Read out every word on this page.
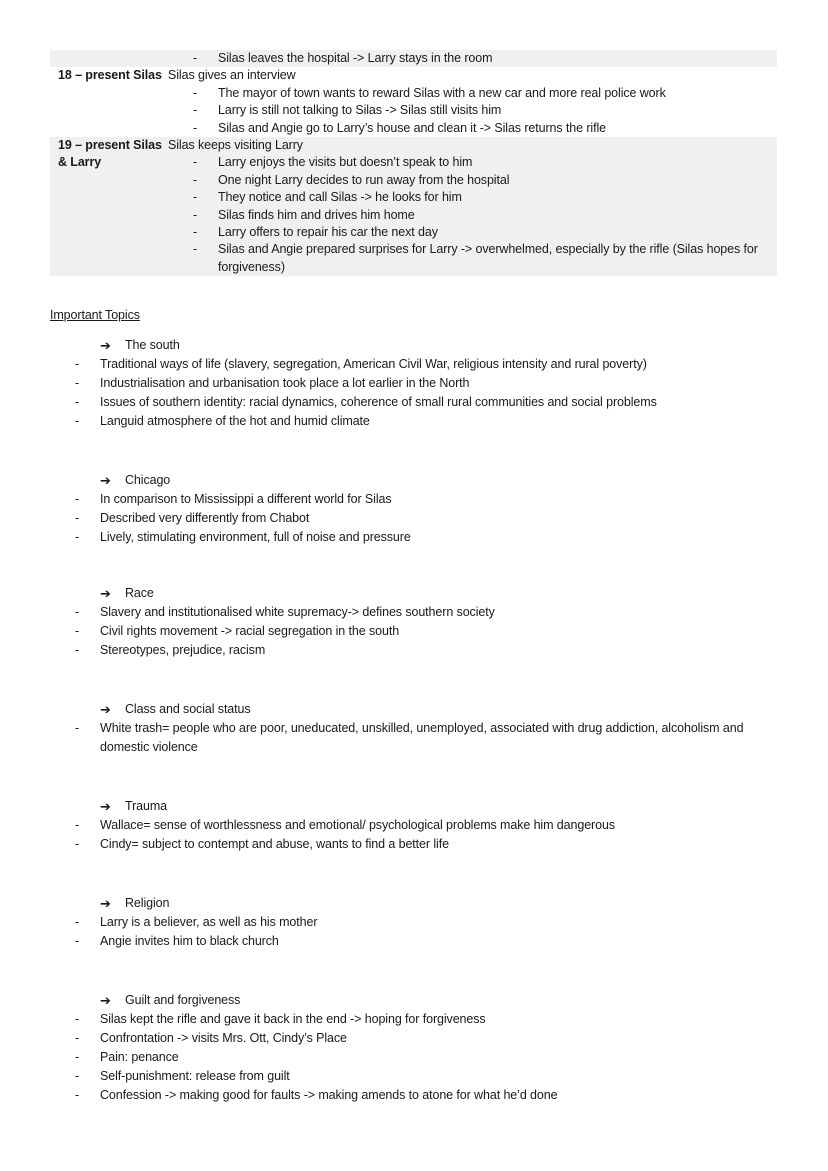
- Silas leaves the hospital -> Larry stays in the room
18 – present Silas Silas gives an interview
- The mayor of town wants to reward Silas with a new car and more real police work
- Larry is still not talking to Silas -> Silas still visits him
- Silas and Angie go to Larry’s house and clean it -> Silas returns the rifle
19 – present Silas
& Larry
Silas keeps visiting Larry
- Larry enjoys the visits but doesn’t speak to him
- One night Larry decides to run away from the hospital
- They notice and call Silas -> he looks for him
- Silas finds him and drives him home
- Larry offers to repair his car the next day
- Silas and Angie prepared surprises for Larry -> overwhelmed, especially by the rifle (Silas hopes for forgiveness)
Important Topics
➔ The south
- Traditional ways of life (slavery, segregation, American Civil War, religious intensity and rural poverty)
- Industrialisation and urbanisation took place a lot earlier in the North
- Issues of southern identity: racial dynamics, coherence of small rural communities and social problems
- Languid atmosphere of the hot and humid climate
➔ Chicago
- In comparison to Mississippi a different world for Silas
- Described very differently from Chabot
- Lively, stimulating environment, full of noise and pressure
➔ Race
- Slavery and institutionalised white supremacy-> defines southern society
- Civil rights movement -> racial segregation in the south
- Stereotypes, prejudice, racism
➔ Class and social status
- White trash= people who are poor, uneducated, unskilled, unemployed, associated with drug addiction, alcoholism and domestic violence
➔ Trauma
- Wallace= sense of worthlessness and emotional/ psychological problems make him dangerous
- Cindy= subject to contempt and abuse, wants to find a better life
➔ Religion
- Larry is a believer, as well as his mother
- Angie invites him to black church
➔ Guilt and forgiveness
- Silas kept the rifle and gave it back in the end -> hoping for forgiveness
- Confrontation -> visits Mrs. Ott, Cindy’s Place
- Pain: penance
- Self-punishment: release from guilt
- Confession -> making good for faults -> making amends to atone for what he’d done
